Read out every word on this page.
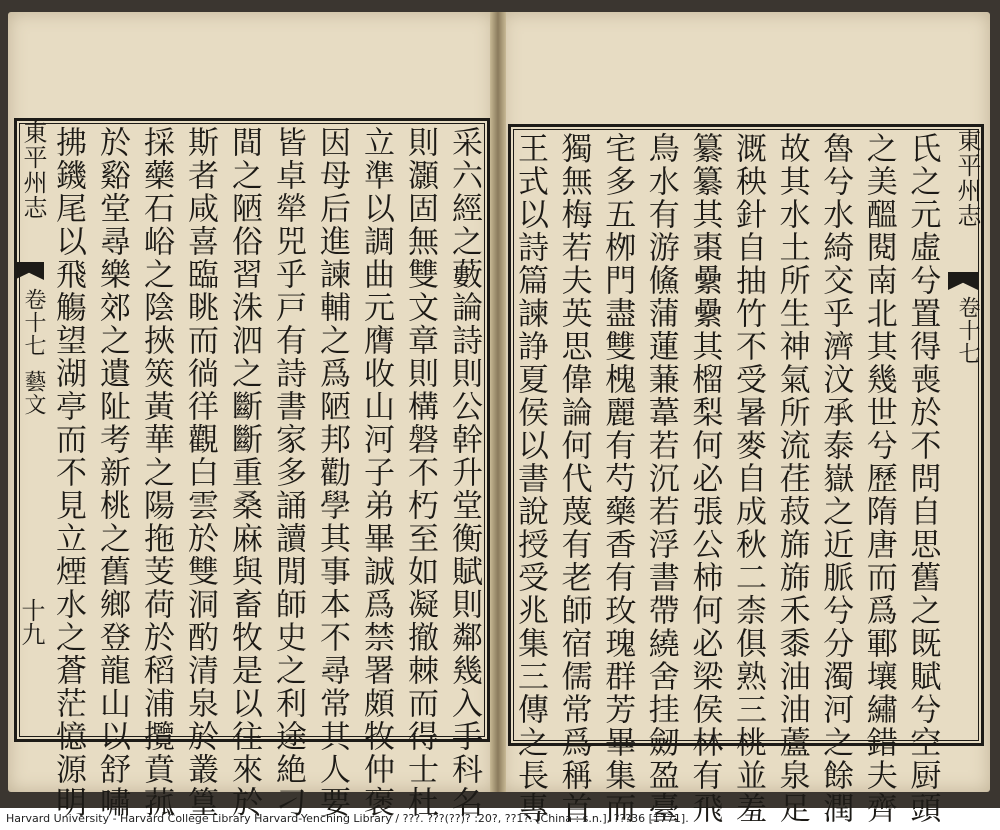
采六經之藪論詩則公幹升堂衡賦則鄰幾入手科名
則灝固無雙文章則構磐不朽至如凝撤棘而得士杜
立準以調曲元膺收山河子弟畢誠爲禁署頗牧仲褒
因母后進諫輔之爲陋邦勸學其事本不尋常其人要
皆卓犖兕乎戸有詩書家多誦讀閒師史之利途絶刁
間之陋俗習洙泗之斷斷重桑麻與畜牧是以往來於
斯者咸喜臨眺而徜徉觀白雲於雙洞酌清泉於叢篁
採藥石峪之陰挾筴黃華之陽拖芰荷於稻浦攬賁菰
於谿堂尋樂郊之遺阯考新桃之舊鄉登龍山以舒嘯
拂鐖尾以飛觴望湖亭而不見立煙水之蒼茫憶源明
東平州志
卷十七
藝文
十九	氏之元虛兮置得喪於不問自思舊之既賦兮空厨頭
之美醞閱南北其幾世兮歷隋唐而爲鄆壤繡錯夫齊
魯兮水綺交乎濟汶承泰嶽之近脈兮分濁河之餘潤
故其水土所生神氣所流荏菽旆旆禾黍油油蘆泉足
溉秧針自抽竹不受暑麥自成秋二柰俱熟三桃並羞
纂纂其棗纍纍其榴梨何必張公柿何必梁侯林有飛
鳥水有游鯈蒲蓮蒹葦若沉若浮書帶繞舍挂劒盈臺
宅多五栁門盡雙槐麗有芍藥香有玫瑰群芳畢集而
獨無梅若夫英思偉論何代蔑有老師宿儒常爲稱首
王式以詩篇諫諍夏侯以書說授受兆集三傳之長專	東平州志
卷十七
Harvard University - Harvard College Library Harvard-Yenching Library / ???. ???(??)? :20?, ??1?. [China : s.n.], ???36 [1771].
